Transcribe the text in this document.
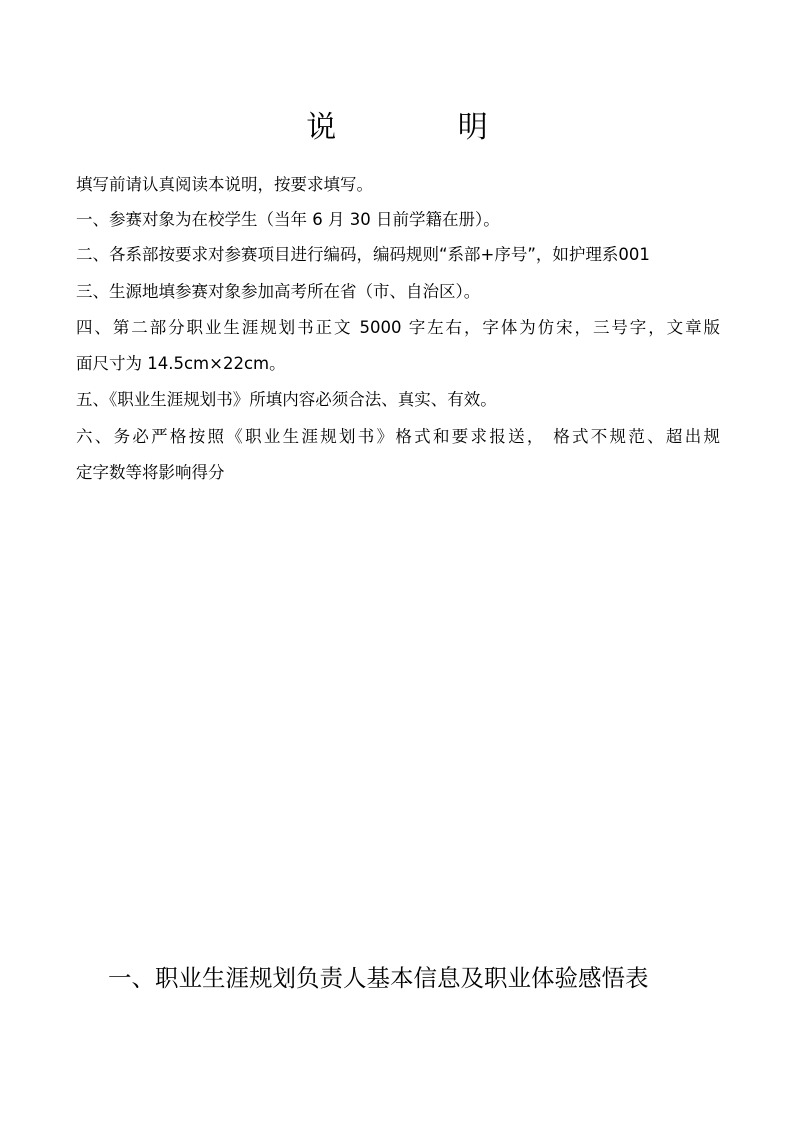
说 明
填写前请认真阅读本说明，按要求填写。
一、参赛对象为在校学生（当年 6 月 30 日前学籍在册）。
二、各系部按要求对参赛项目进行编码，编码规则“系部+序号”，如护理系001
三、生源地填参赛对象参加高考所在省（市、自治区）。
四、第二部分职业生涯规划书正文 5000 字左右，字体为仿宋，三号字，文章版
面尺寸为 14.5cm×22cm。
五、《职业生涯规划书》所填内容必须合法、真实、有效。
六、务必严格按照《职业生涯规划书》格式和要求报送， 格式不规范、超出规
定字数等将影响得分
一、职业生涯规划负责人基本信息及职业体验感悟表
